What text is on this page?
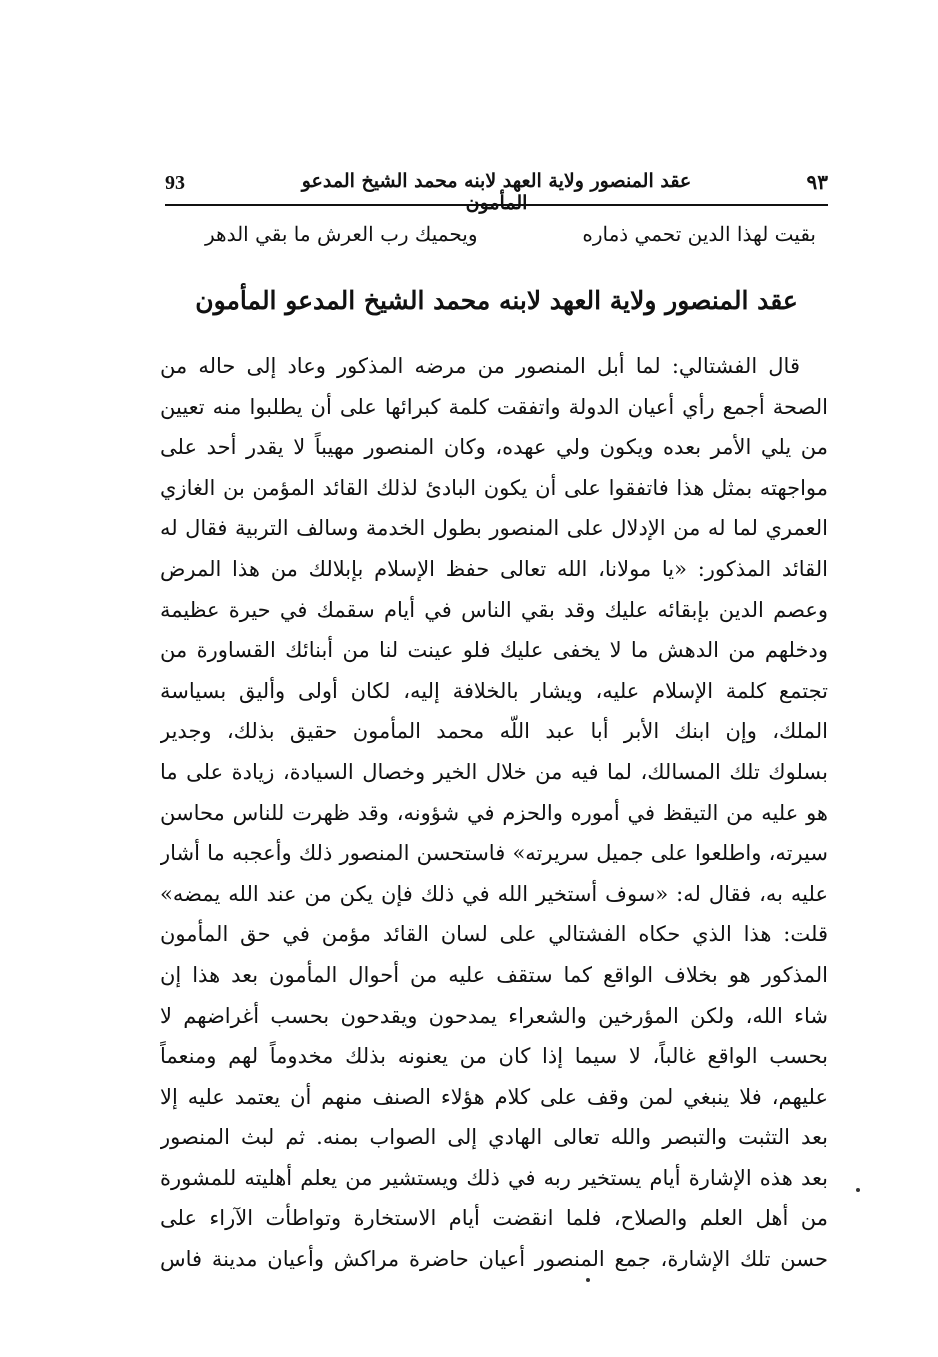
93	عقد المنصور ولاية العهد لابنه محمد الشيخ المدعو المأمون
٩٣
بقيت لهذا الدين تحمي ذماره
ويحميك رب العرش ما بقي الدهر
عقد المنصور ولاية العهد لابنه محمد الشيخ المدعو المأمون
قال الفشتالي: لما أبل المنصور من مرضه المذكور وعاد إلى حاله من
الصحة أجمع رأي أعيان الدولة واتفقت كلمة كبرائها على أن يطلبوا منه تعيين
من يلي الأمر بعده ويكون ولي عهده، وكان المنصور مهيباً لا يقدر أحد على
مواجهته بمثل هذا فاتفقوا على أن يكون البادئ لذلك القائد المؤمن بن الغازي
العمري لما له من الإدلال على المنصور بطول الخدمة وسالف التربية فقال له
القائد المذكور: «يا مولانا، الله تعالى حفظ الإسلام بإبلالك من هذا المرض
وعصم الدين بإبقائه عليك وقد بقي الناس في أيام سقمك في حيرة عظيمة
ودخلهم من الدهش ما لا يخفى عليك فلو عينت لنا من أبنائك القساورة من
تجتمع كلمة الإسلام عليه، ويشار بالخلافة إليه، لكان أولى وأليق بسياسة
الملك، وإن ابنك الأبر أبا عبد اللّه محمد المأمون حقيق بذلك، وجدير
بسلوك تلك المسالك، لما فيه من خلال الخير وخصال السيادة، زيادة على ما
هو عليه من التيقظ في أموره والحزم في شؤونه، وقد ظهرت للناس محاسن
سيرته، واطلعوا على جميل سريرته» فاستحسن المنصور ذلك وأعجبه ما أشار
عليه به، فقال له: «سوف أستخير الله في ذلك فإن يكن من عند الله يمضه»
قلت: هذا الذي حكاه الفشتالي على لسان القائد مؤمن في حق المأمون
المذكور هو بخلاف الواقع كما ستقف عليه من أحوال المأمون بعد هذا إن
شاء الله، ولكن المؤرخين والشعراء يمدحون ويقدحون بحسب أغراضهم لا
بحسب الواقع غالباً، لا سيما إذا كان من يعنونه بذلك مخدوماً لهم ومنعماً
عليهم، فلا ينبغي لمن وقف على كلام هؤلاء الصنف منهم أن يعتمد عليه إلا
بعد التثبت والتبصر والله تعالى الهادي إلى الصواب بمنه. ثم لبث المنصور
بعد هذه الإشارة أيام يستخير ربه في ذلك ويستشير من يعلم أهليته للمشورة
من أهل العلم والصلاح، فلما انقضت أيام الاستخارة وتواطأت الآراء على
حسن تلك الإشارة، جمع المنصور أعيان حاضرة مراكش وأعيان مدينة فاس
